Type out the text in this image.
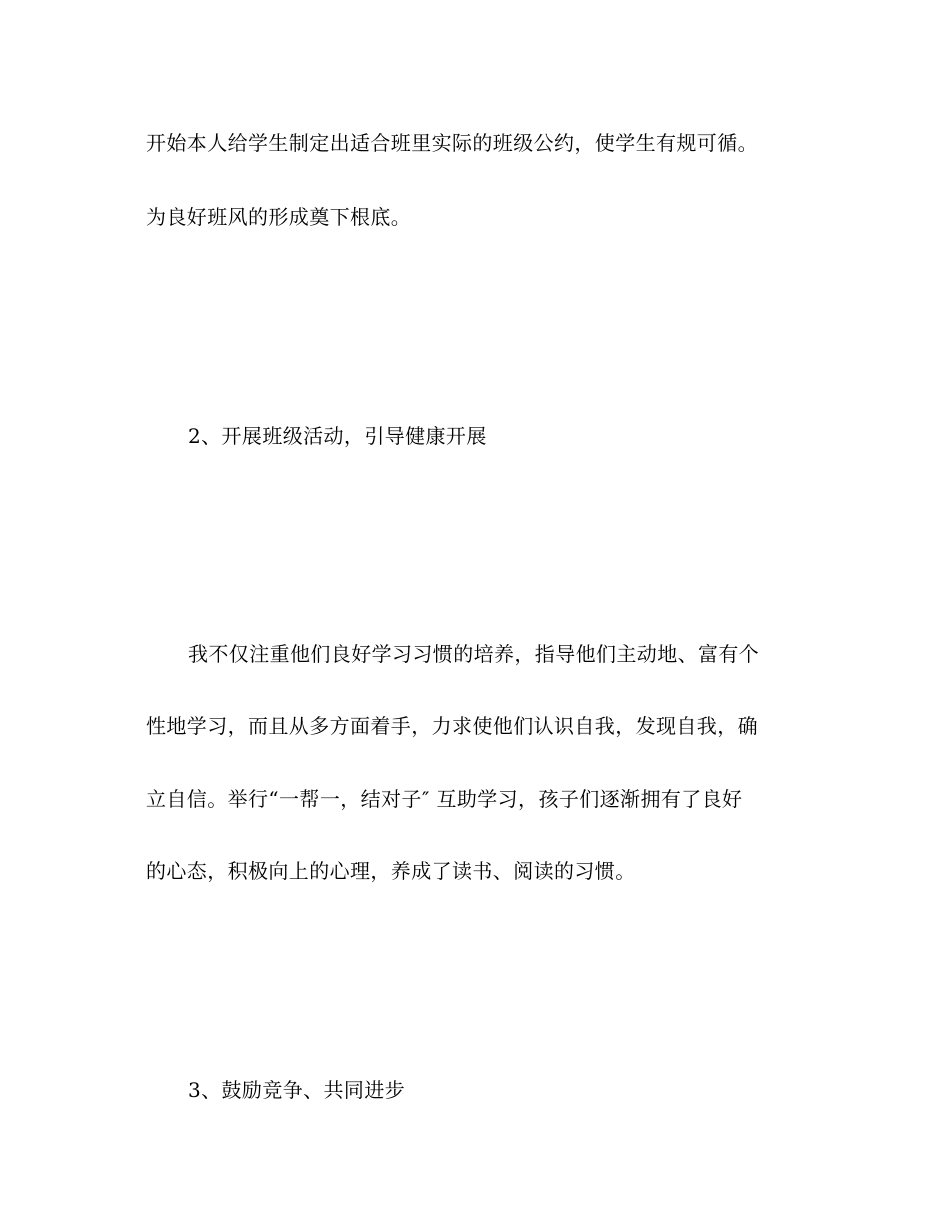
开始本人给学生制定出适合班里实际的班级公约，使学生有规可循。
为良好班风的形成奠下根底。
2、开展班级活动，引导健康开展
我不仅注重他们良好学习习惯的培养，指导他们主动地、富有个
性地学习，而且从多方面着手，力求使他们认识自我，发现自我，确
立自信。举行“一帮一，结对子″ 互助学习，孩子们逐渐拥有了良好
的心态，积极向上的心理，养成了读书、阅读的习惯。
3、鼓励竞争、共同进步
